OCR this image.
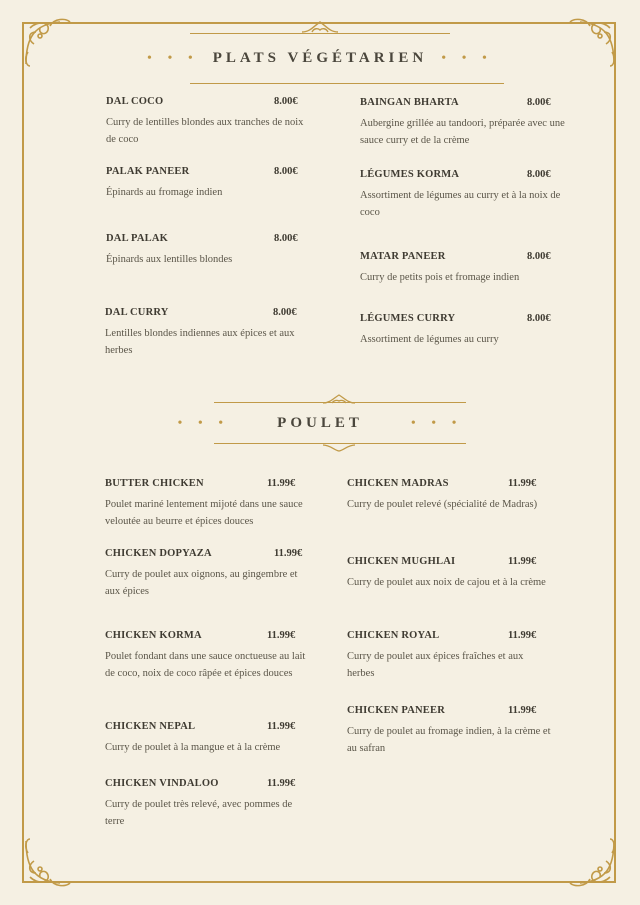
• • • PLATS VÉGÉTARIEN • • •
• • •	POULET	• • •
DAL COCO	8.00€
Curry de lentilles blondes aux tranches de noix de coco
PALAK PANEER	8.00€
Épinards au fromage indien
DAL PALAK	8.00€
Épinards aux lentilles blondes
DAL CURRY	8.00€
Lentilles blondes indiennes aux épices et aux herbes
BAINGAN BHARTA	8.00€
Aubergine grillée au tandoori, préparée avec une sauce curry et de la crème
LÉGUMES KORMA	8.00€
Assortiment de légumes au curry et à la noix de coco
MATAR PANEER	8.00€
Curry de petits pois et fromage indien
LÉGUMES CURRY	8.00€
Assortiment de légumes au curry
BUTTER CHICKEN	11.99€
Poulet mariné lentement mijoté dans une sauce veloutée au beurre et épices douces
CHICKEN DOPYAZA	11.99€
Curry de poulet aux oignons, au gingembre et aux épices
CHICKEN KORMA	11.99€
Poulet fondant dans une sauce onctueuse au lait de coco, noix de coco râpée et épices douces
CHICKEN NEPAL	11.99€
Curry de poulet à la mangue et à la crème
CHICKEN VINDALOO	11.99€
Curry de poulet très relevé, avec pommes de terre
CHICKEN MADRAS	11.99€
Curry de poulet relevé (spécialité de Madras)
CHICKEN MUGHLAI	11.99€
Curry de poulet aux noix de cajou et à la crème
CHICKEN ROYAL	11.99€
Curry de poulet aux épices fraîches et aux herbes
CHICKEN PANEER	11.99€
Curry de poulet au fromage indien, à la crème et au safran
